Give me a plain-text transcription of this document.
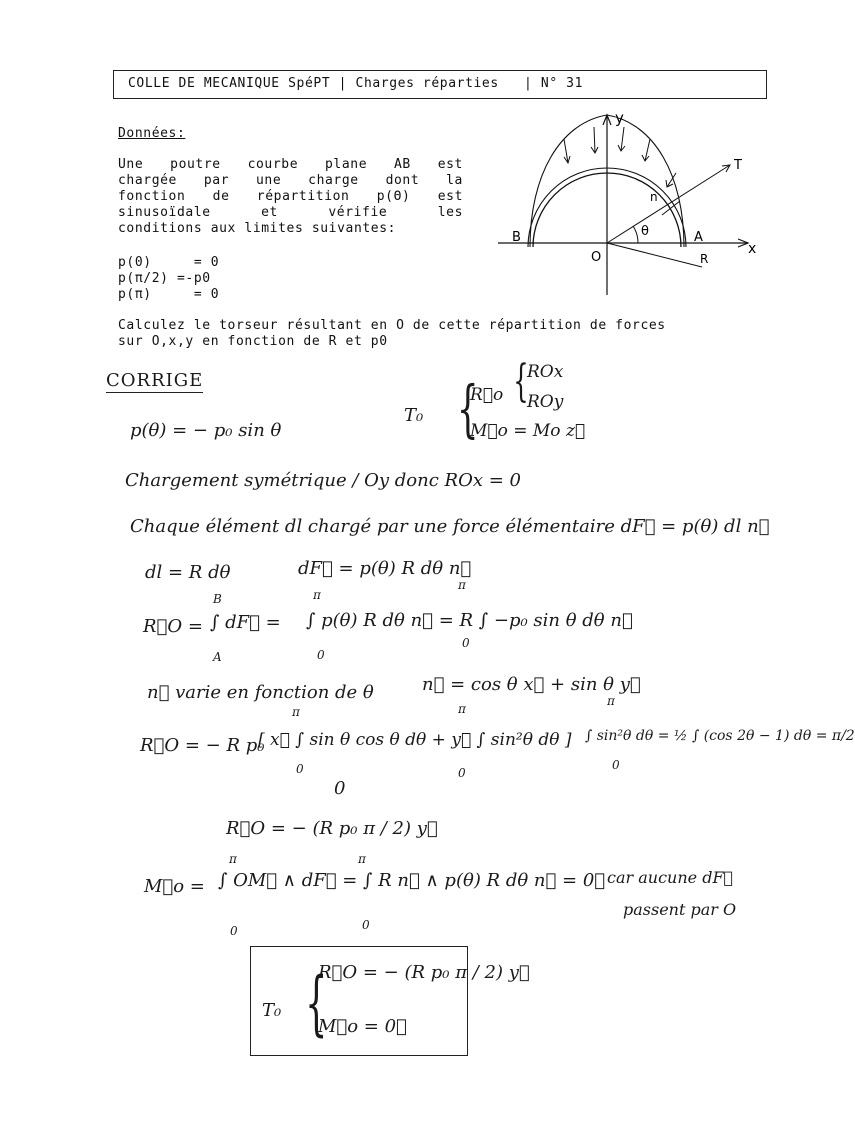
COLLE DE MECANIQUE SpéPT | Charges réparties   | N° 31
Données:
Une poutre courbe plane AB est
chargée par une charge dont la
fonction de répartition p(Θ) est
sinusoïdale et vérifie les
conditions aux limites suivantes:
p(0)     = 0
p(π/2) =-p0
p(π)     = 0
Calculez le torseur résultant en O de cette répartition de forces
sur O,x,y en fonction de R et p0
y
x
T
n
θ
B	A
O	R
CORRIGE
p(θ) = − p₀ sin θ
T₀ {
R⃗o {
ROx
ROy
M⃗o = Mo z⃗
Chargement symétrique / Oy donc ROx = 0
Chaque élément dl chargé par une force élémentaire dF⃗ = p(θ) dl n⃗
dl = R dθ	dF⃗ = p(θ) R dθ n⃗
R⃗O =
B
∫ dF⃗ =
A
π
∫ p(θ) R dθ n⃗ = R ∫ −p₀ sin θ dθ n⃗
0
π
0
n⃗ varie en fonction de θ	n⃗ = cos θ x⃗ + sin θ y⃗
R⃗O = − R p₀
π	π
[ x⃗ ∫ sin θ cos θ dθ + y⃗ ∫ sin²θ dθ ]
0	0
0
π
∫ sin²θ dθ = ½ ∫ (cos 2θ − 1) dθ = π/2
0
R⃗O = − (R p₀ π / 2) y⃗
M⃗o =
π	π
∫ OM⃗ ∧ dF⃗ = ∫ R n⃗ ∧ p(θ) R dθ n⃗ = 0⃗
0	0
car aucune dF⃗
passent par O
T₀ {
R⃗O = − (R p₀ π / 2) y⃗
M⃗o = 0⃗
